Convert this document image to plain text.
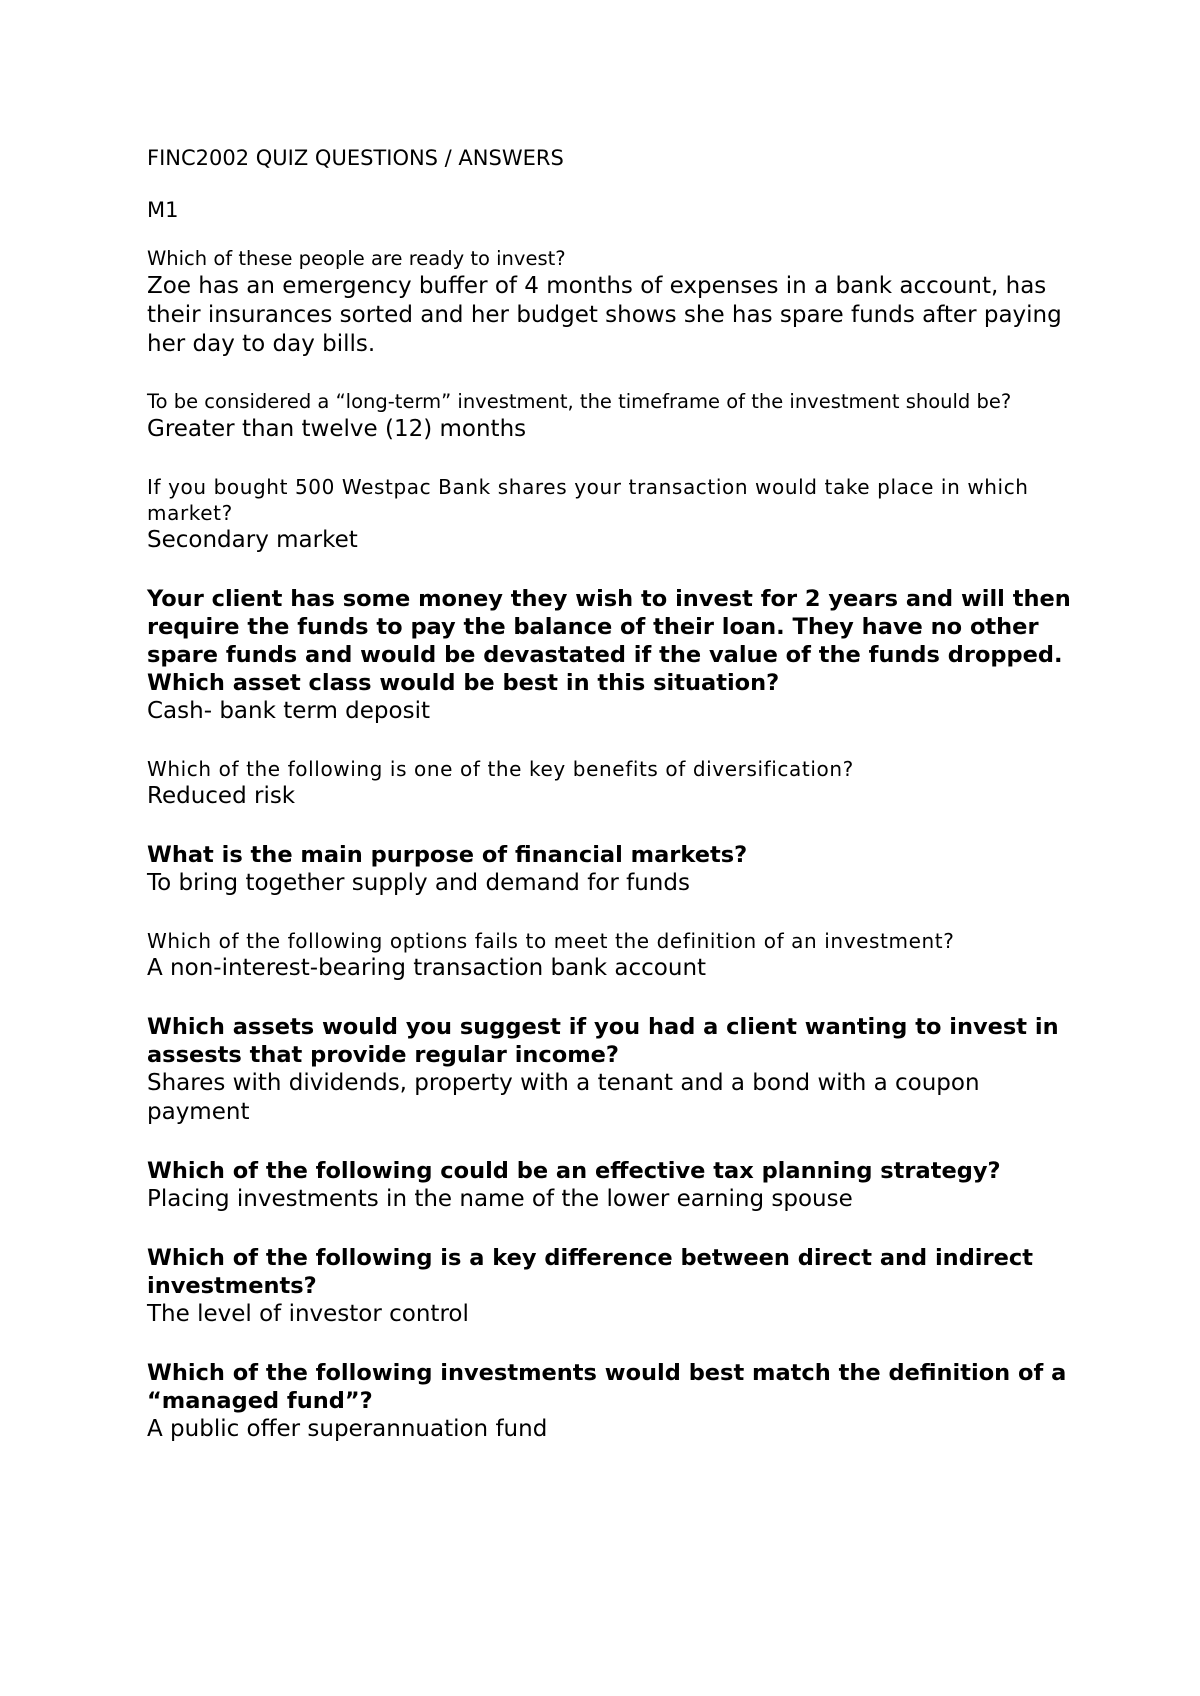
FINC2002 QUIZ QUESTIONS / ANSWERS
M1

Which of these people are ready to invest?

Zoe has an emergency buffer of 4 months of expenses in a bank account, has their insurances sorted and her budget shows she has spare funds after paying her day to day bills.

To be considered a “long-term” investment, the timeframe of the investment should be?

Greater than twelve (12) months

If you bought 500 Westpac Bank shares your transaction would take place in which market?

Secondary market

Your client has some money they wish to invest for 2 years and will then require the funds to pay the balance of their loan. They have no other spare funds and would be devastated if the value of the funds dropped. Which asset class would be best in this situation?

Cash- bank term deposit

Which of the following is one of the key benefits of diversification?

Reduced risk

What is the main purpose of financial markets?

To bring together supply and demand for funds

Which of the following options fails to meet the definition of an investment?

A non-interest-bearing transaction bank account

Which assets would you suggest if you had a client wanting to invest in assests that provide regular income?

Shares with dividends, property with a tenant and a bond with a coupon payment

Which of the following could be an effective tax planning strategy?

Placing investments in the name of the lower earning spouse

Which of the following is a key difference between direct and indirect investments?

The level of investor control

Which of the following investments would best match the definition of a “managed fund”?

A public offer superannuation fund
